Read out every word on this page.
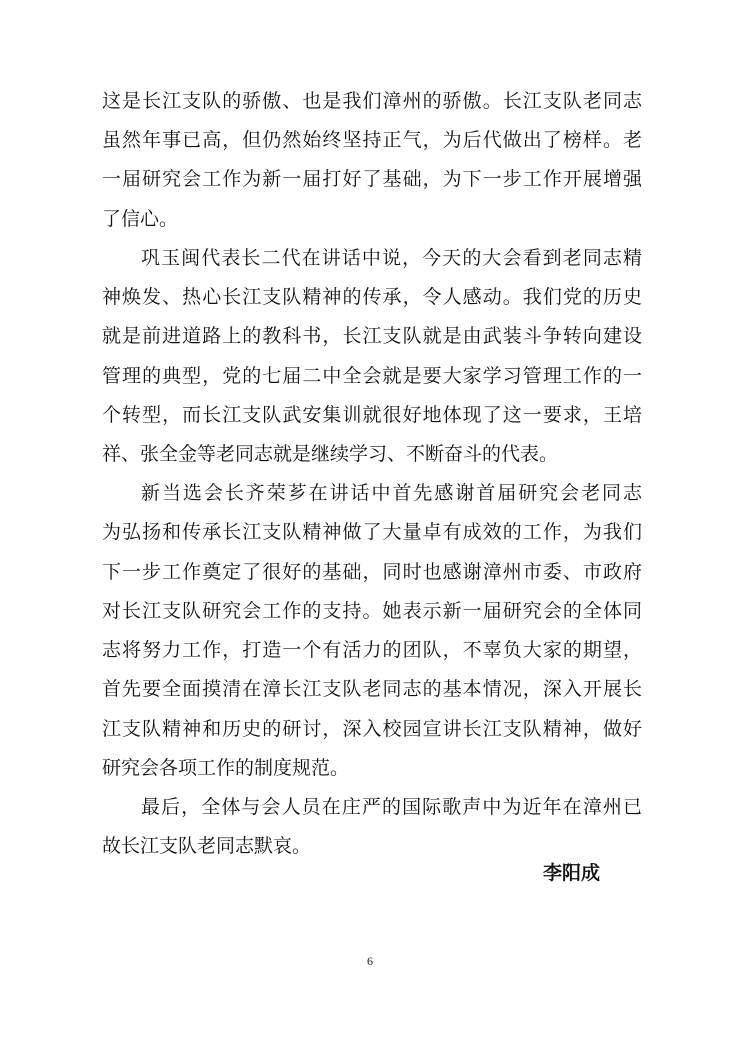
这是长江支队的骄傲、也是我们漳州的骄傲。长江支队老同志
虽然年事已高，但仍然始终坚持正气，为后代做出了榜样。老
一届研究会工作为新一届打好了基础，为下一步工作开展增强
了信心。
巩玉闽代表长二代在讲话中说，今天的大会看到老同志精
神焕发、热心长江支队精神的传承，令人感动。我们党的历史
就是前进道路上的教科书，长江支队就是由武装斗争转向建设
管理的典型，党的七届二中全会就是要大家学习管理工作的一
个转型，而长江支队武安集训就很好地体现了这一要求，王培
祥、张全金等老同志就是继续学习、不断奋斗的代表。
新当选会长齐荣芗在讲话中首先感谢首届研究会老同志
为弘扬和传承长江支队精神做了大量卓有成效的工作，为我们
下一步工作奠定了很好的基础，同时也感谢漳州市委、市政府
对长江支队研究会工作的支持。她表示新一届研究会的全体同
志将努力工作，打造一个有活力的团队，不辜负大家的期望，
首先要全面摸清在漳长江支队老同志的基本情况，深入开展长
江支队精神和历史的研讨，深入校园宣讲长江支队精神，做好
研究会各项工作的制度规范。
最后，全体与会人员在庄严的国际歌声中为近年在漳州已
故长江支队老同志默哀。
李阳成
6
